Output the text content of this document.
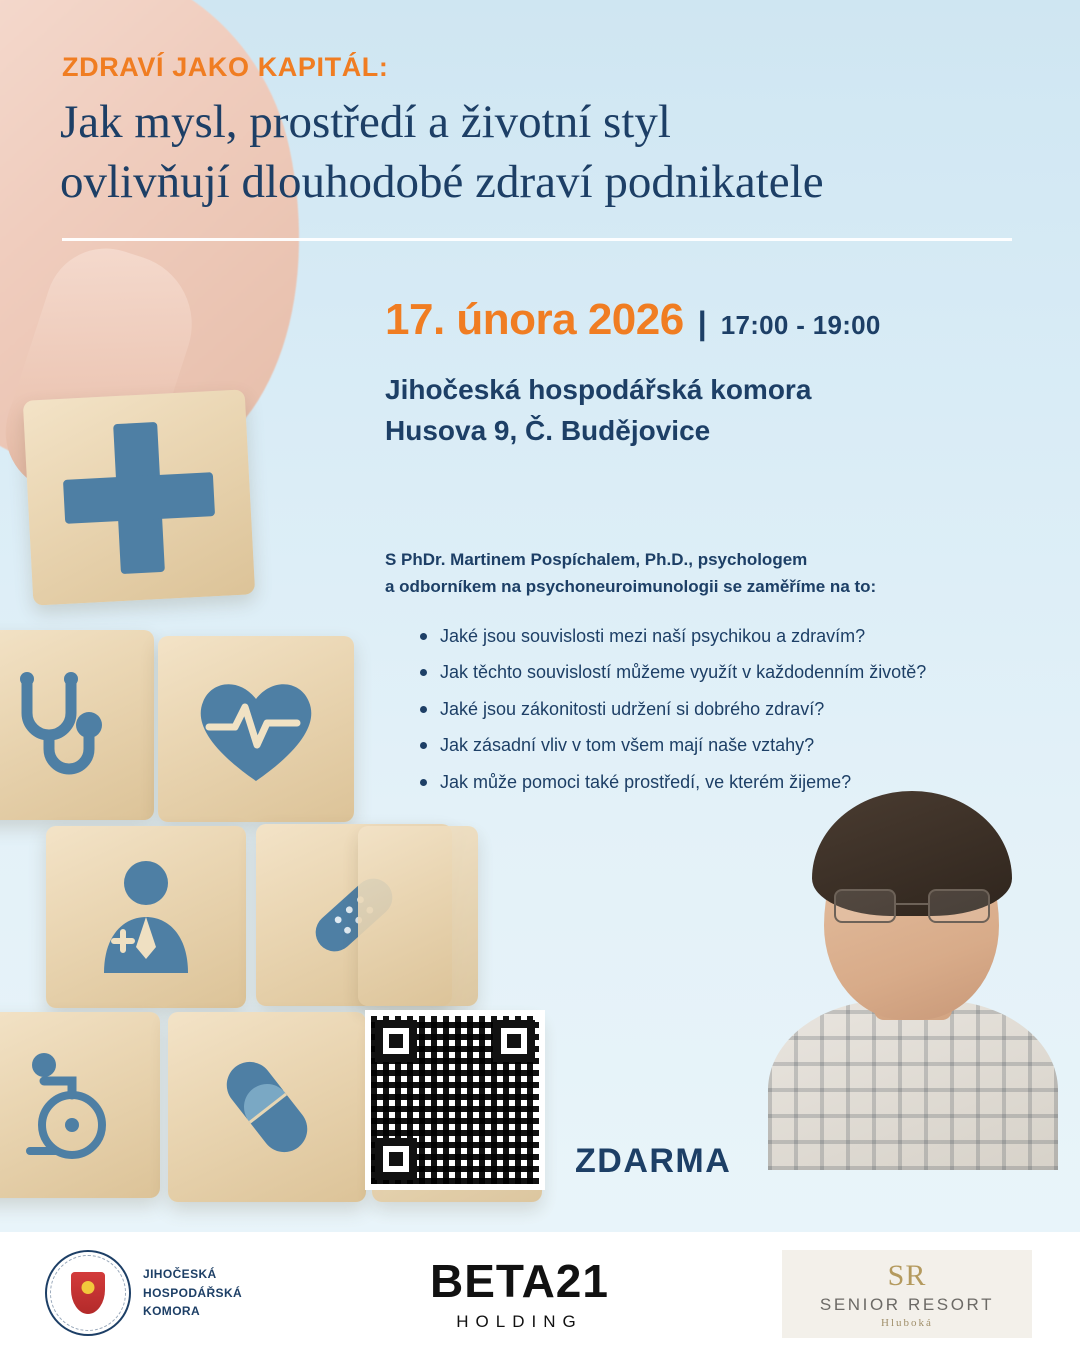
ZDRAVÍ JAKO KAPITÁL:
Jak mysl, prostředí a životní styl
ovlivňují dlouhodobé zdraví podnikatele
17. února 2026 | 17:00 - 19:00
Jihočeská hospodářská komora
Husova 9, Č. Budějovice
S PhDr. Martinem Pospíchalem, Ph.D., psychologem
a odborníkem na psychoneuroimunologii se zaměříme na to:
Jaké jsou souvislosti mezi naší psychikou a zdravím?
Jak těchto souvislostí můžeme využít v každodenním životě?
Jaké jsou zákonitosti udržení si dobrého zdraví?
Jak zásadní vliv v tom všem mají naše vztahy?
Jak může pomoci také prostředí, ve kterém žijeme?
ZDARMA
JIHOČESKÁ
HOSPODÁŘSKÁ
KOMORA
BETA21
HOLDING
SR
SENIOR RESORT
Hluboká
